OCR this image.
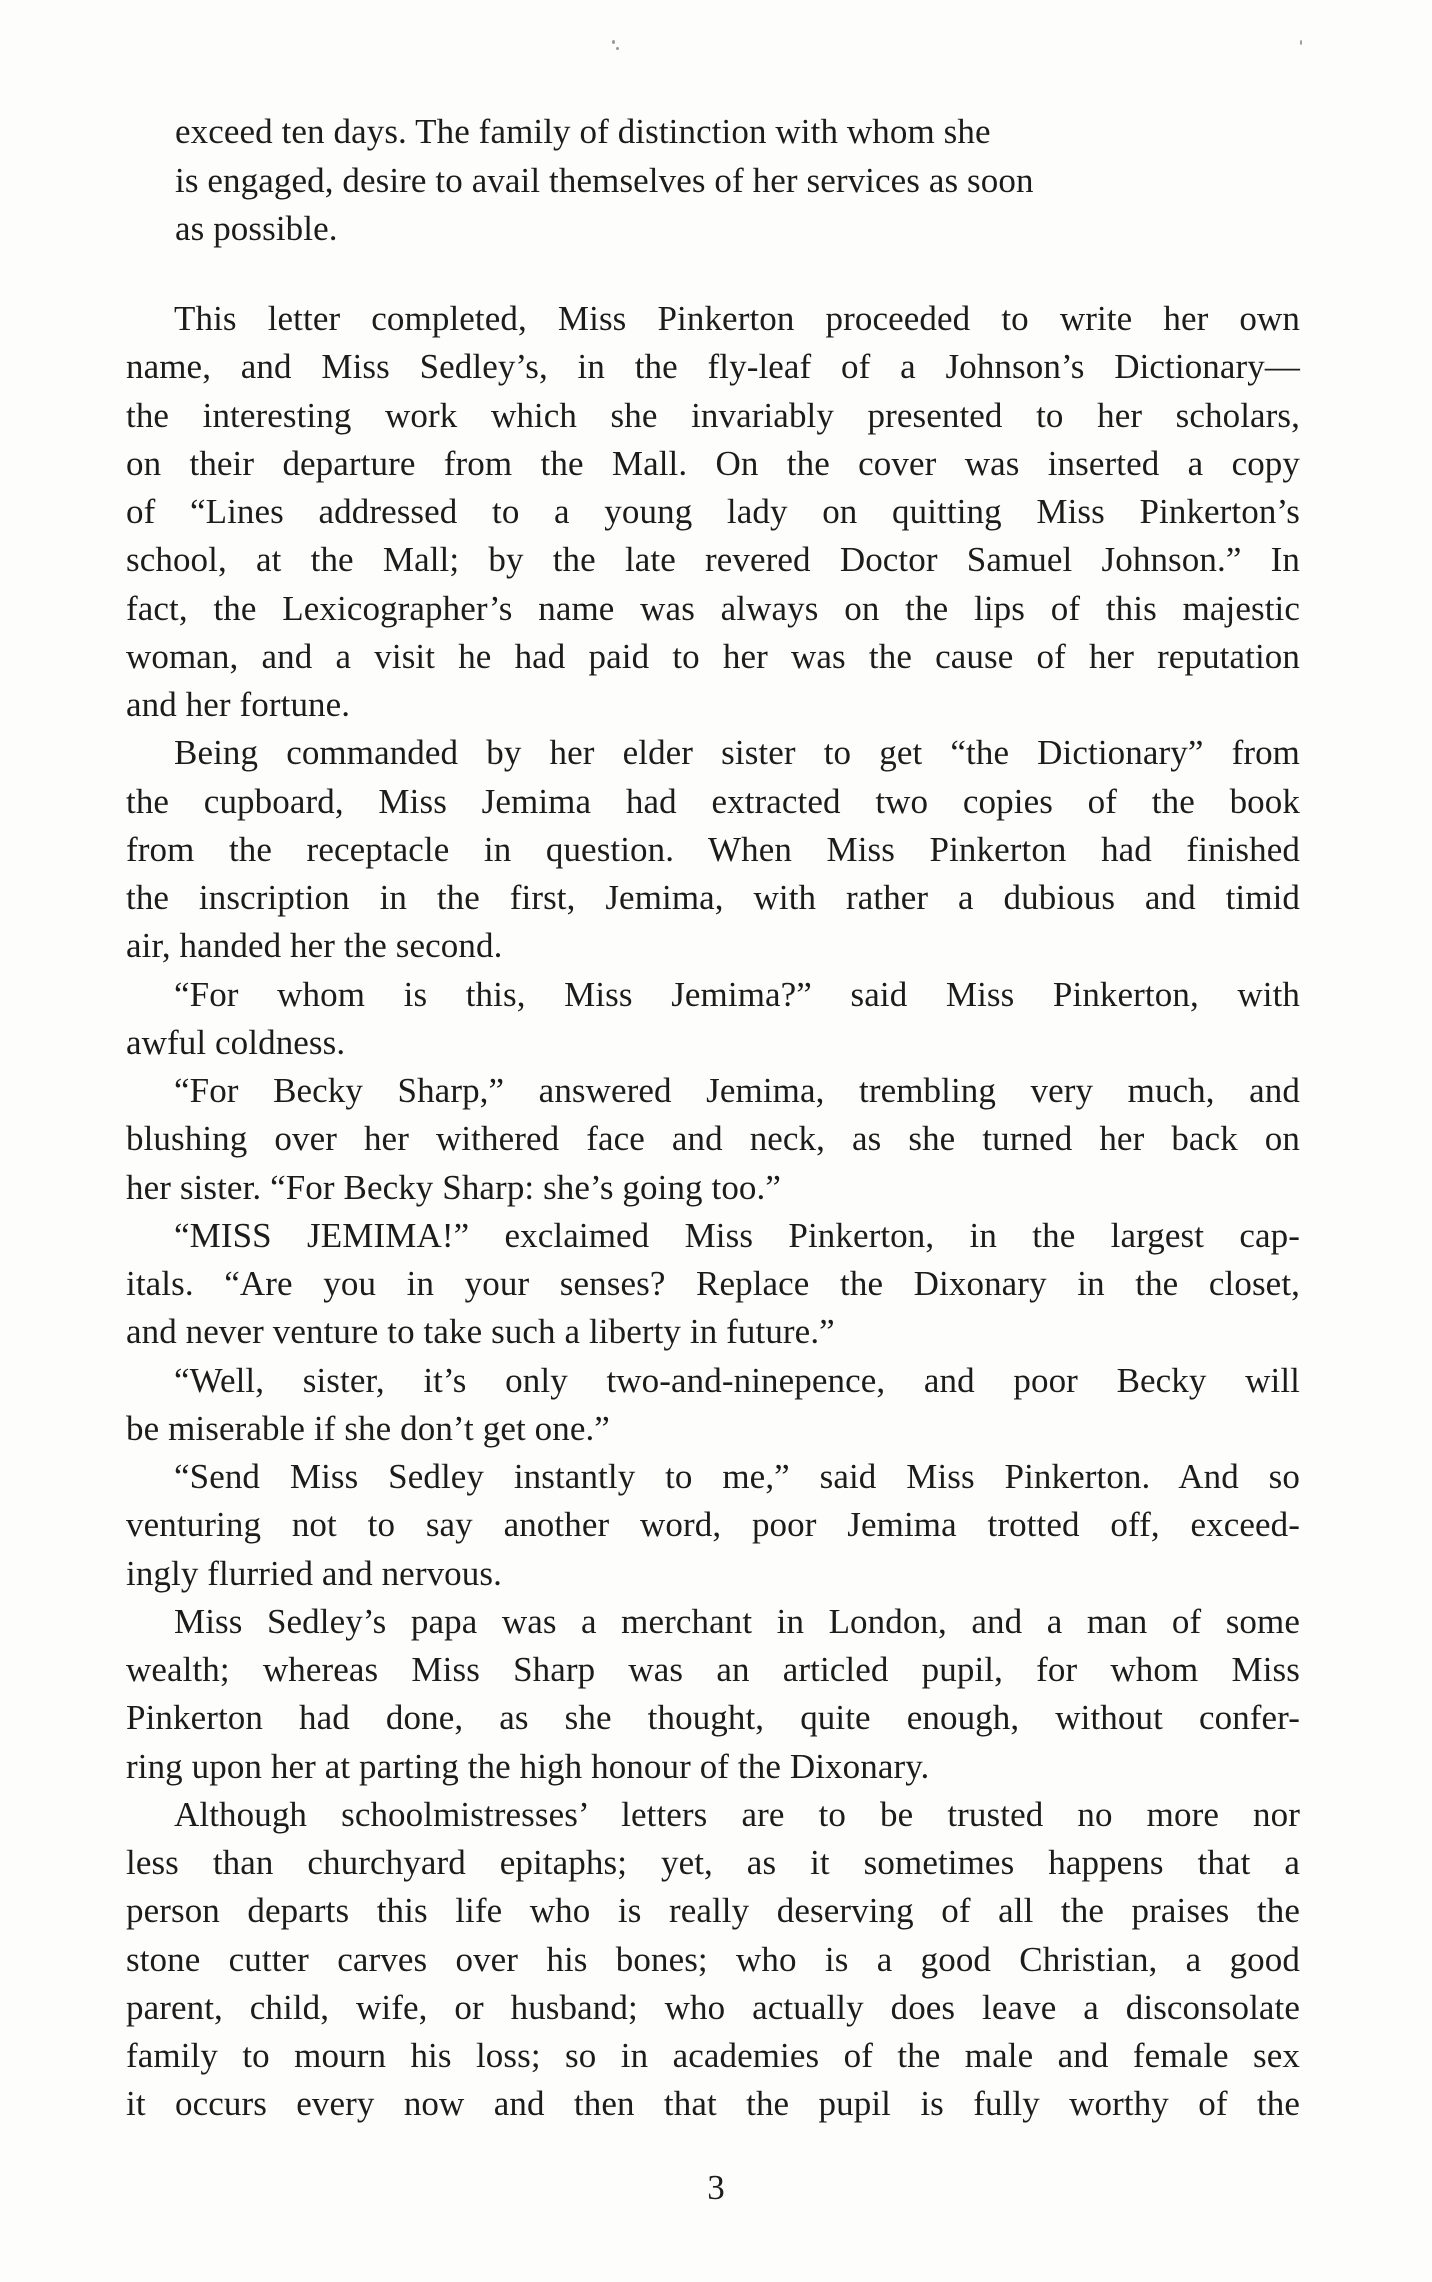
exceed ten days. The family of distinction with whom she
is engaged, desire to avail themselves of her services as soon
as possible.
This letter completed, Miss Pinkerton proceeded to write her own
name, and Miss Sedley’s, in the fly-leaf of a Johnson’s Dictionary—
the interesting work which she invariably presented to her scholars,
on their departure from the Mall. On the cover was inserted a copy
of “Lines addressed to a young lady on quitting Miss Pinkerton’s
school, at the Mall; by the late revered Doctor Samuel Johnson.” In
fact, the Lexicographer’s name was always on the lips of this majestic
woman, and a visit he had paid to her was the cause of her reputation
and her fortune.
Being commanded by her elder sister to get “the Dictionary” from
the cupboard, Miss Jemima had extracted two copies of the book
from the receptacle in question. When Miss Pinkerton had finished
the inscription in the first, Jemima, with rather a dubious and timid
air, handed her the second.
“For whom is this, Miss Jemima?” said Miss Pinkerton, with
awful coldness.
“For Becky Sharp,” answered Jemima, trembling very much, and
blushing over her withered face and neck, as she turned her back on
her sister. “For Becky Sharp: she’s going too.”
“MISS JEMIMA!” exclaimed Miss Pinkerton, in the largest cap-
itals. “Are you in your senses? Replace the Dixonary in the closet,
and never venture to take such a liberty in future.”
“Well, sister, it’s only two-and-ninepence, and poor Becky will
be miserable if she don’t get one.”
“Send Miss Sedley instantly to me,” said Miss Pinkerton. And so
venturing not to say another word, poor Jemima trotted off, exceed-
ingly flurried and nervous.
Miss Sedley’s papa was a merchant in London, and a man of some
wealth; whereas Miss Sharp was an articled pupil, for whom Miss
Pinkerton had done, as she thought, quite enough, without confer-
ring upon her at parting the high honour of the Dixonary.
Although schoolmistresses’ letters are to be trusted no more nor
less than churchyard epitaphs; yet, as it sometimes happens that a
person departs this life who is really deserving of all the praises the
stone cutter carves over his bones; who is a good Christian, a good
parent, child, wife, or husband; who actually does leave a disconsolate
family to mourn his loss; so in academies of the male and female sex
it occurs every now and then that the pupil is fully worthy of the
3
